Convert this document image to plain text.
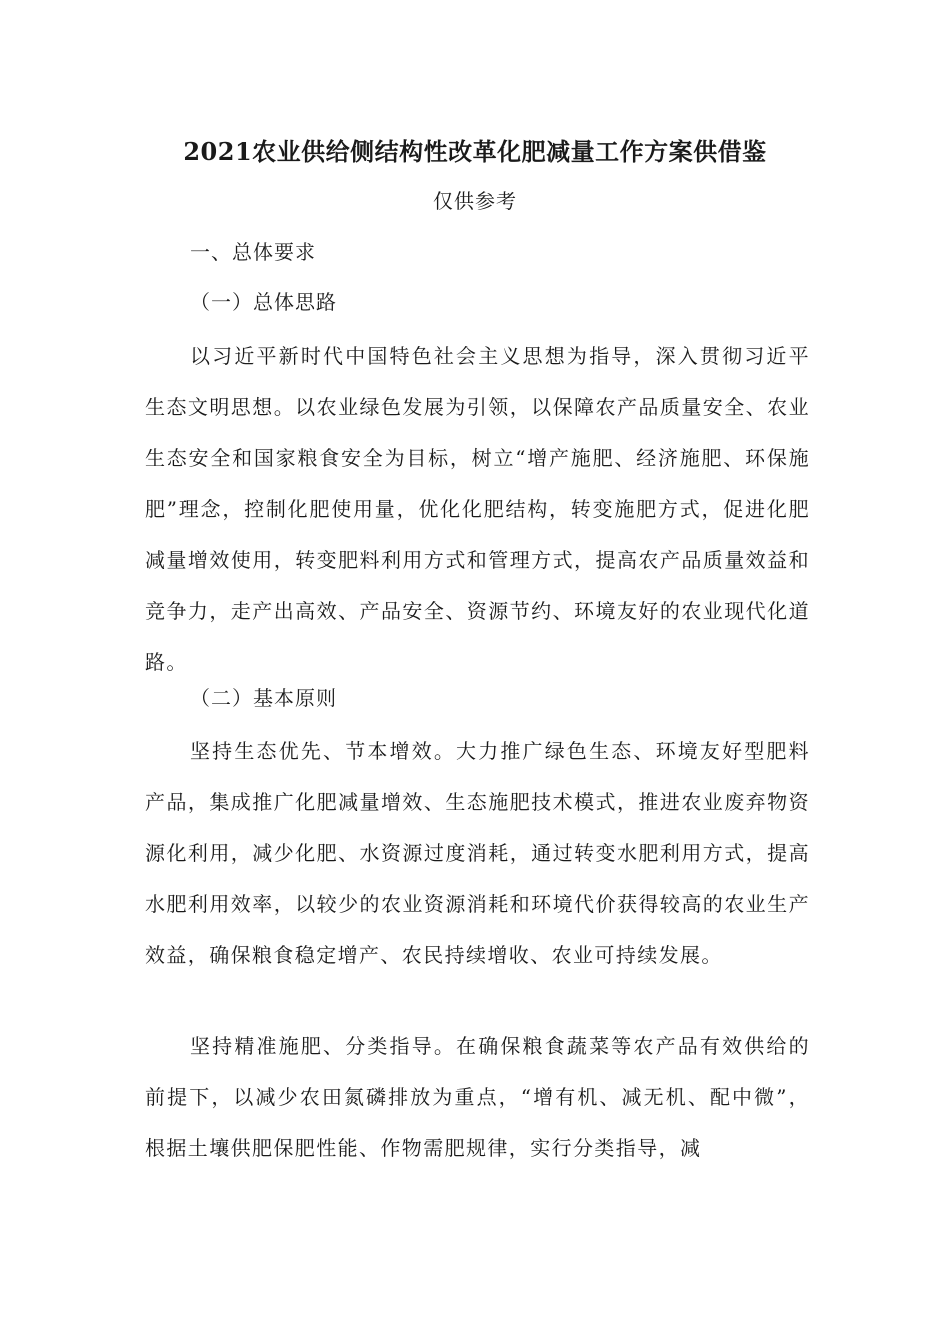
2021农业供给侧结构性改革化肥减量工作方案供借鉴
仅供参考
一、总体要求
（一）总体思路

以习近平新时代中国特色社会主义思想为指导，深入贯彻习近平生态文明思想。以农业绿色发展为引领，以保障农产品质量安全、农业生态安全和国家粮食安全为目标，树立“增产施肥、经济施肥、环保施肥”理念，控制化肥使用量，优化化肥结构，转变施肥方式，促进化肥减量增效使用，转变肥料利用方式和管理方式，提高农产品质量效益和竞争力，走产出高效、产品安全、资源节约、环境友好的农业现代化道路。

（二）基本原则

坚持生态优先、节本增效。大力推广绿色生态、环境友好型肥料产品，集成推广化肥减量增效、生态施肥技术模式，推进农业废弃物资源化利用，减少化肥、水资源过度消耗，通过转变水肥利用方式，提高水肥利用效率，以较少的农业资源消耗和环境代价获得较高的农业生产效益，确保粮食稳定增产、农民持续增收、农业可持续发展。

坚持精准施肥、分类指导。在确保粮食蔬菜等农产品有效供给的前提下，以减少农田氮磷排放为重点，“增有机、减无机、配中微”，根据土壤供肥保肥性能、作物需肥规律，实行分类指导，减
